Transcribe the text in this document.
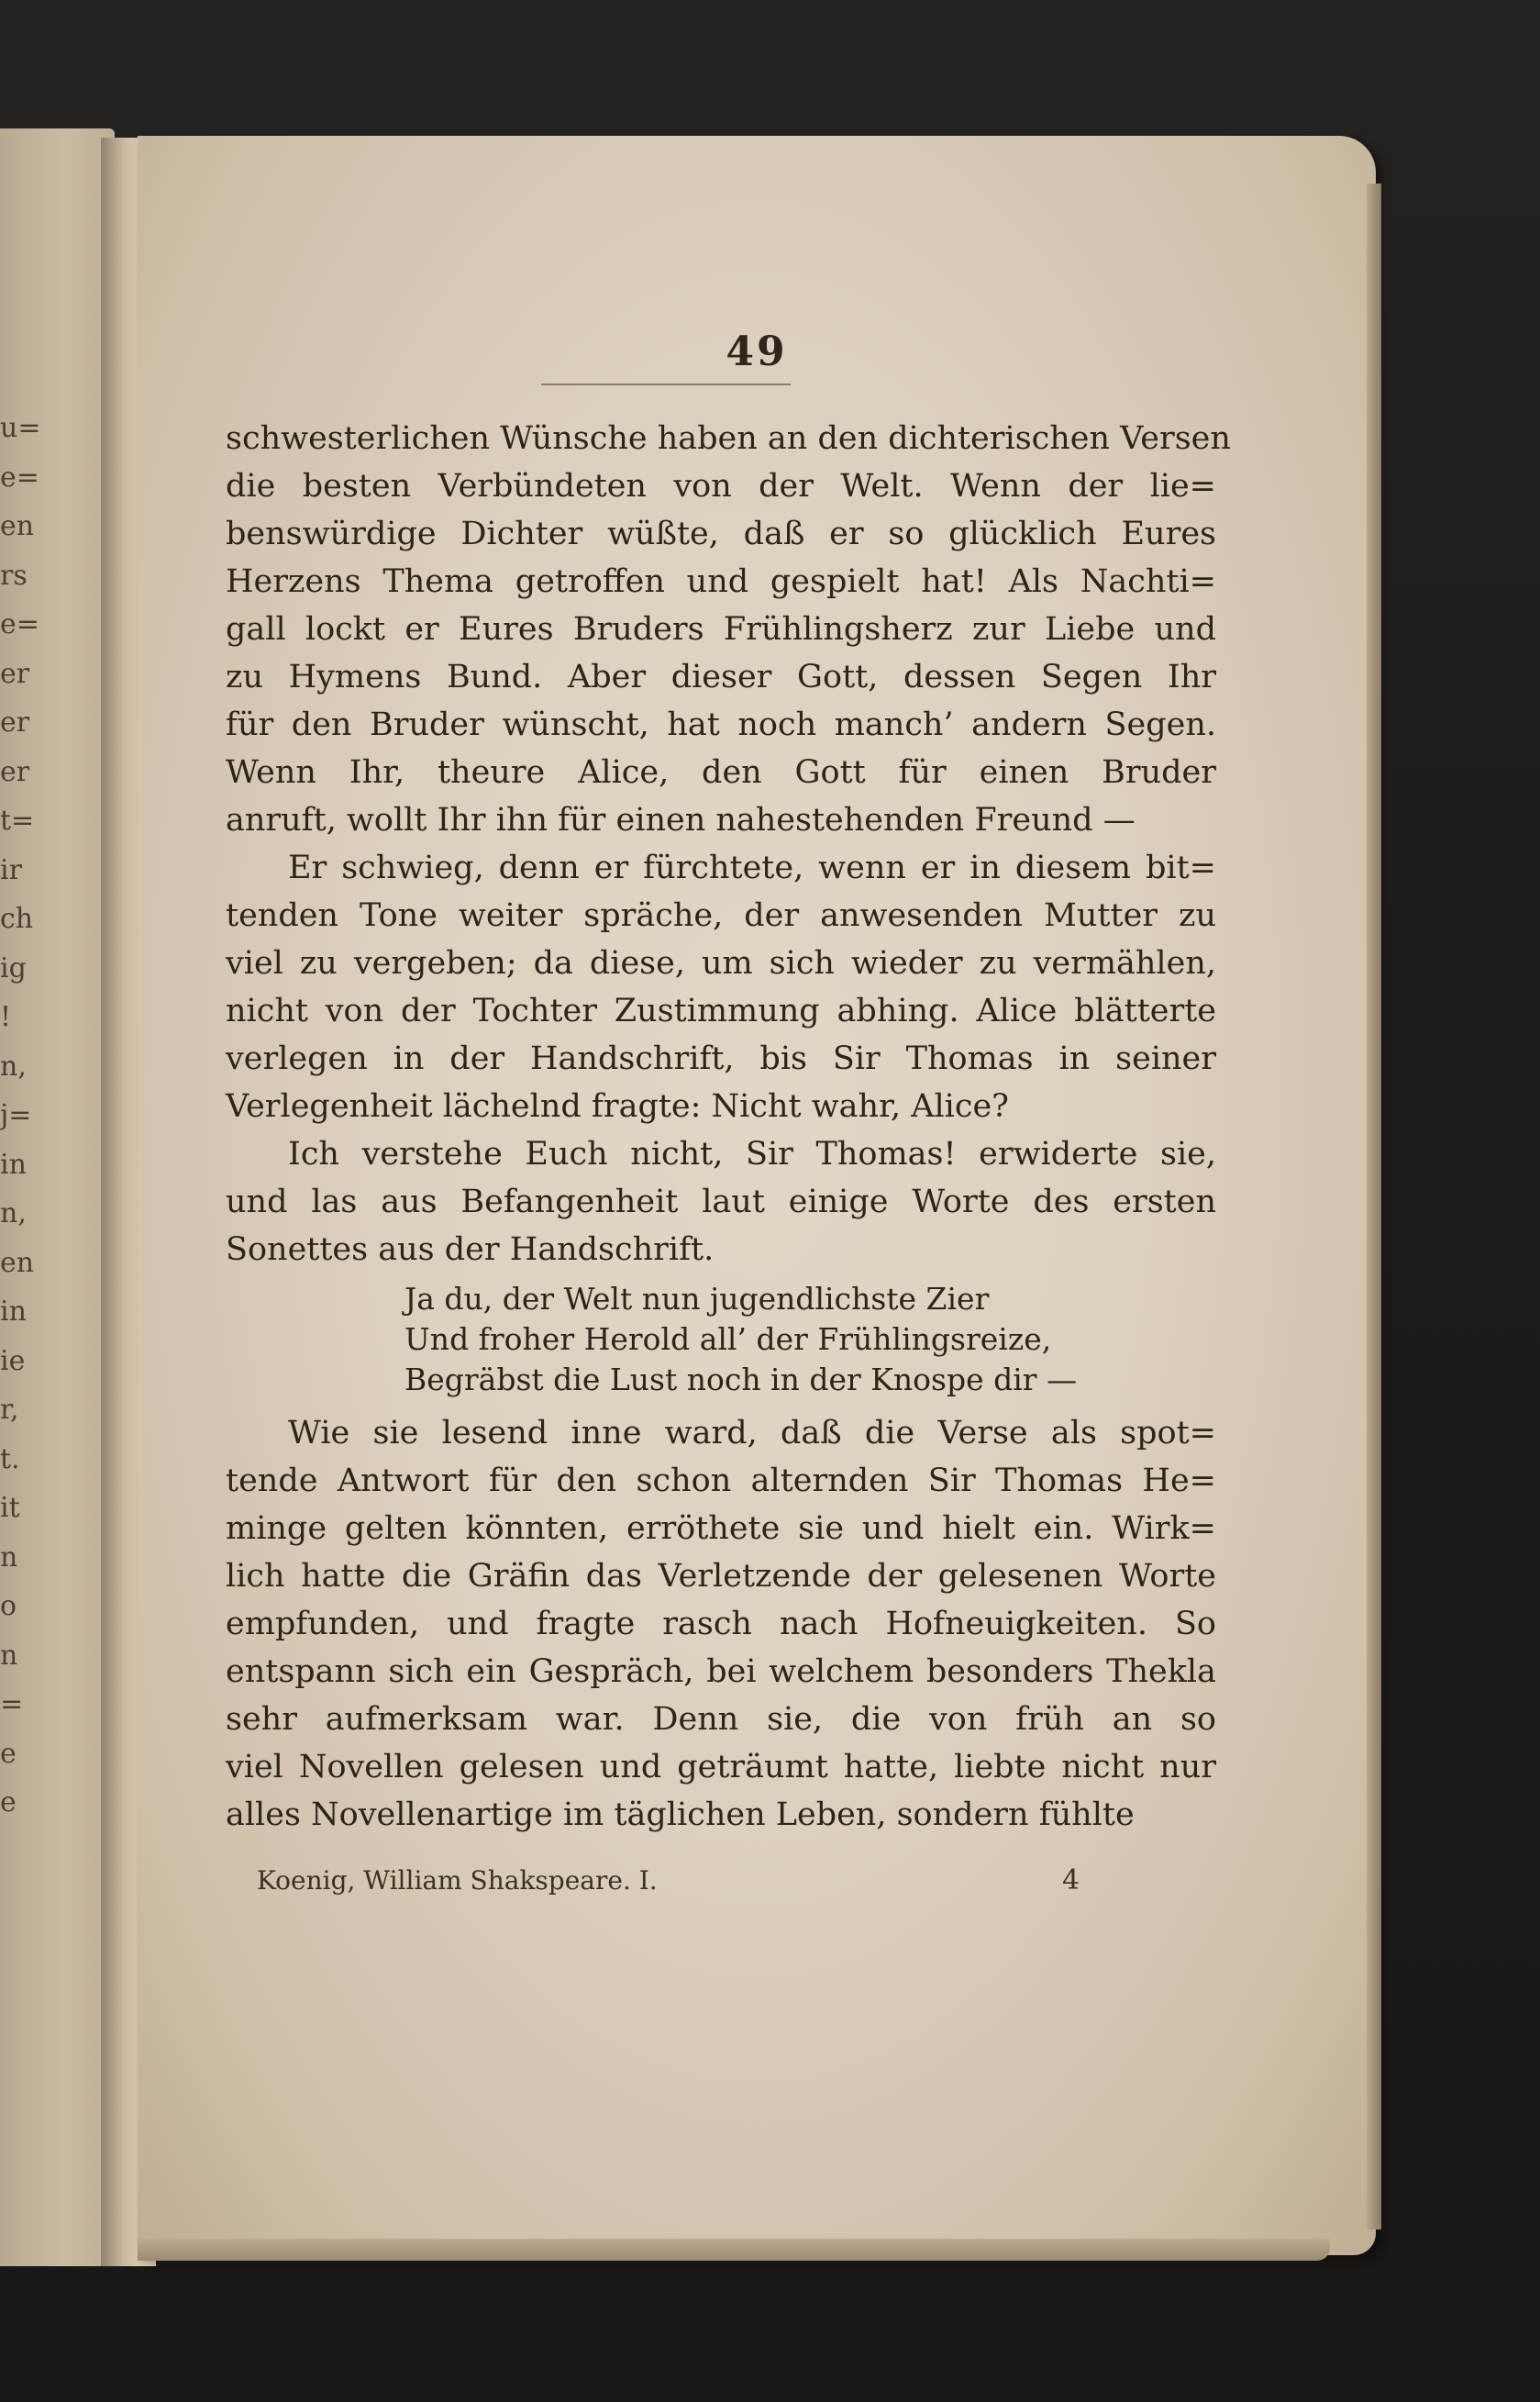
u=
e=
en
rs
e=
er
er
er
t=
ir
ch
ig
!
n,
j=
in
n,
en
in
ie
r,
t.
it
n
o
n
=
e
e
49
schwesterlichen Wünsche haben an den dichterischen Versen
die besten Verbündeten von der Welt. Wenn der lie=
benswürdige Dichter wüßte, daß er so glücklich Eures
Herzens Thema getroffen und gespielt hat! Als Nachti=
gall lockt er Eures Bruders Frühlingsherz zur Liebe und
zu Hymens Bund. Aber dieser Gott, dessen Segen Ihr
für den Bruder wünscht, hat noch manch’ andern Segen.
Wenn Ihr, theure Alice, den Gott für einen Bruder
anruft, wollt Ihr ihn für einen nahestehenden Freund —
Er schwieg, denn er fürchtete, wenn er in diesem bit=
tenden Tone weiter spräche, der anwesenden Mutter zu
viel zu vergeben; da diese, um sich wieder zu vermählen,
nicht von der Tochter Zustimmung abhing. Alice blätterte
verlegen in der Handschrift, bis Sir Thomas in seiner
Verlegenheit lächelnd fragte: Nicht wahr, Alice?
Ich verstehe Euch nicht, Sir Thomas! erwiderte sie,
und las aus Befangenheit laut einige Worte des ersten
Sonettes aus der Handschrift.
Ja du, der Welt nun jugendlichste Zier
Und froher Herold all’ der Frühlingsreize,
Begräbst die Lust noch in der Knospe dir —
Wie sie lesend inne ward, daß die Verse als spot=
tende Antwort für den schon alternden Sir Thomas He=
minge gelten könnten, erröthete sie und hielt ein. Wirk=
lich hatte die Gräfin das Verletzende der gelesenen Worte
empfunden, und fragte rasch nach Hofneuigkeiten. So
entspann sich ein Gespräch, bei welchem besonders Thekla
sehr aufmerksam war. Denn sie, die von früh an so
viel Novellen gelesen und geträumt hatte, liebte nicht nur
alles Novellenartige im täglichen Leben, sondern fühlte
Koenig, William Shakspeare. I.	4
